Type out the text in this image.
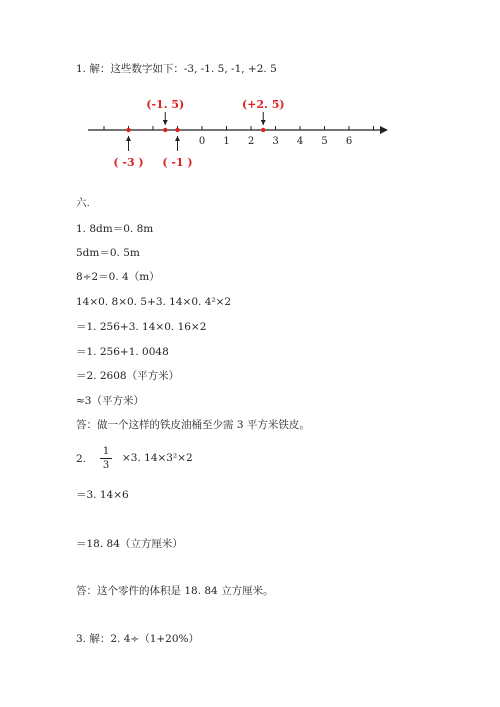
1. 解：这些数字如下：-3, -1. 5, -1, +2. 5
0 1 2 3 4 5 6
(-1. 5)	(+2. 5)
( -3 ) ( -1 )
六.
1. 8dm＝0. 8m
5dm＝0. 5m
8÷2＝0. 4（m）
14×0. 8×0. 5+3. 14×0. 4²×2
＝1. 256+3. 14×0. 16×2
＝1. 256+1. 0048
＝2. 2608（平方米）
≈3（平方米）
答：做一个这样的铁皮油桶至少需 3 平方米铁皮。
2.
1
3
×3. 14×3²×2
＝3. 14×6
＝18. 84（立方厘米）
答：这个零件的体积是 18. 84 立方厘米。
3. 解：2. 4÷（1+20%）
